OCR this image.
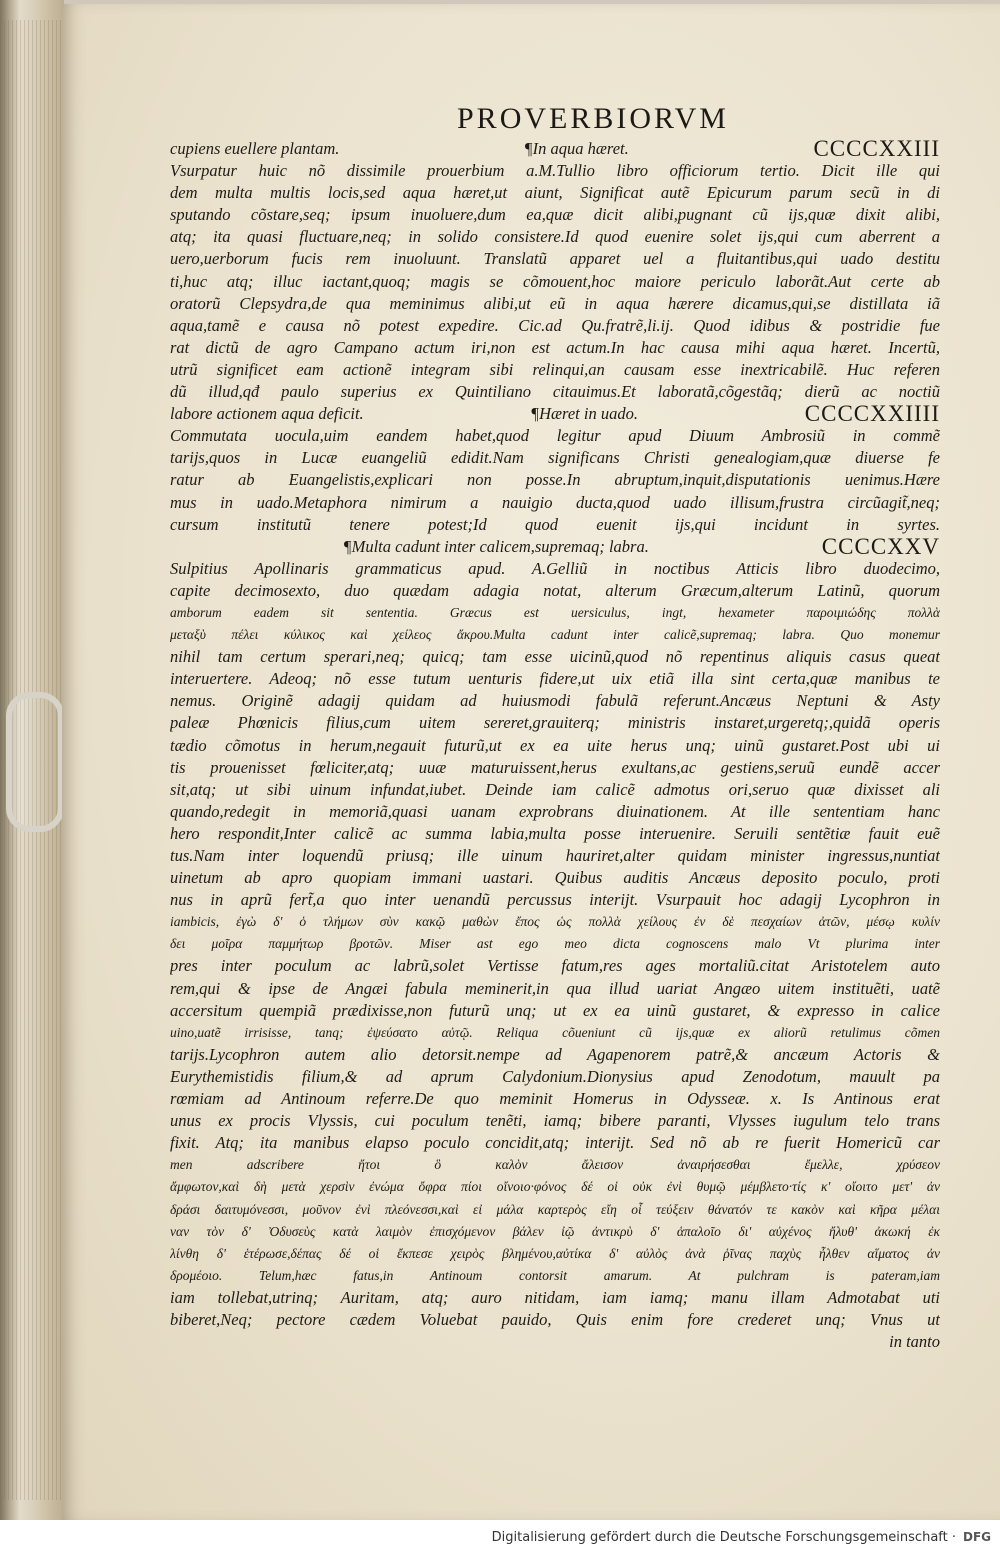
PROVERBIORVM
cupiens euellere plantam.	¶In aqua hæret.	CCCCXXIII
Vsurpatur huic nõ dissimile prouerbium a.M.Tullio libro officiorum tertio. Dicit ille qui
dem multa multis locis,sed aqua hæret,ut aiunt, Significat autẽ Epicurum parum secũ in di
sputando cõstare,seq; ipsum inuoluere,dum ea,quæ dicit alibi,pugnant cũ ijs,quæ dixit alibi,
atq; ita quasi fluctuare,neq; in solido consistere.Id quod euenire solet ijs,qui cum aberrent a
uero,uerborum fucis rem inuoluunt. Translatũ apparet uel a fluitantibus,qui uado destitu
ti,huc atq; illuc iactant,quoq; magis se cõmouent,hoc maiore periculo laborãt.Aut certe ab
oratorũ Clepsydra,de qua meminimus alibi,ut eũ in aqua hærere dicamus,qui,se distillata iã
aqua,tamẽ e causa nõ potest expedire. Cic.ad Qu.fratrẽ,li.ij. Quod idibus & postridie fue
rat dictũ de agro Campano actum iri,non est actum.In hac causa mihi aqua hæret. Incertũ,
utrũ significet eam actionẽ integram sibi relinqui,an causam esse inextricabilẽ. Huc referen
dũ illud,qđ paulo superius ex Quintiliano citauimus.Et laboratã,cõgestãq; dierũ ac noctiũ
labore actionem aqua deficit.	¶Hæret in uado.	CCCCXXIIII
Commutata uocula,uim eandem habet,quod legitur apud Diuum Ambrosiũ in commẽ
tarijs,quos in Lucæ euangeliũ edidit.Nam significans Christi genealogiam,quæ diuerse fe
ratur ab Euangelistis,explicari non posse.In abruptum,inquit,disputationis uenimus.Hære
mus in uado.Metaphora nimirum a nauigio ducta,quod uado illisum,frustra circũagit̃,neq;
cursum institutũ tenere potest;Id quod euenit ijs,qui incidunt in syrtes.
¶Multa cadunt inter calicem,supremaq; labra.	CCCCXXV
Sulpitius Apollinaris grammaticus apud. A.Gelliũ in noctibus Atticis libro duodecimo,
capite decimosexto, duo quædam adagia notat, alterum Græcum,alterum Latinũ, quorum
amborum eadem sit sententia. Græcus est uersiculus, ingt, hexameter παροιμιώδης πολλὰ
μεταξὺ πέλει κύλικος καὶ χείλεος ἄκρου.Multa cadunt inter calicẽ,supremaq; labra. Quo monemur
nihil tam certum sperari,neq; quicq; tam esse uicinũ,quod nõ repentinus aliquis casus queat
interuertere. Adeoq; nõ esse tutum uenturis fidere,ut uix etiã illa sint certa,quæ manibus te
nemus. Originẽ adagij quidam ad huiusmodi fabulã referunt.Ancæus Neptuni & Asty
paleæ Phœnicis filius,cum uitem sereret,grauiterq; ministris instaret,urgeretq;,quidã operis
tædio cõmotus in herum,negauit futurũ,ut ex ea uite herus unq; uinũ gustaret.Post ubi ui
tis prouenisset fœliciter,atq; uuæ maturuissent,herus exultans,ac gestiens,seruũ eundẽ accer
sit,atq; ut sibi uinum infundat,iubet. Deinde iam calicẽ admotus ori,seruo quæ dixisset ali
quando,redegit in memoriã,quasi uanam exprobrans diuinationem. At ille sententiam hanc
hero respondit,Inter calicẽ ac summa labia,multa posse interuenire. Seruili sentẽtiæ fauit euẽ
tus.Nam inter loquendũ priusq; ille uinum hauriret,alter quidam minister ingressus,nuntiat
uinetum ab apro quopiam immani uastari. Quibus auditis Ancæus deposito poculo, proti
nus in aprũ fert̃,a quo inter uenandũ percussus interijt. Vsurpauit hoc adagij Lycophron in
iambicis, ἐγὼ δ' ὁ τλήμων σὺν κακῷ μαθὼν ἔπος ὡς πολλὰ χείλους ἐν δὲ πεσχαίων ἀτῶν, μέσῳ κυλίν
δει μοῖρα παμμήτωρ βροτῶν. Miser ast ego meo dicta cognoscens malo Vt plurima inter
pres inter poculum ac labrũ,solet Vertisse fatum,res ages mortaliũ.citat Aristotelem auto
rem,qui & ipse de Angæi fabula meminerit,in qua illud uariat Angæo uitem instituẽti, uatẽ
accersitum quempiã prædixisse,non futurũ unq; ut ex ea uinũ gustaret, & expresso in calice
uino,uatẽ irrisisse, tanq; ἐψεύσατο αὐτῷ. Reliqua cõueniunt cũ ijs,quæ ex aliorũ retulimus cõmen
tarijs.Lycophron autem alio detorsit.nempe ad Agapenorem patrẽ,& ancæum Actoris &
Eurythemistidis filium,& ad aprum Calydonium.Dionysius apud Zenodotum, mauult pa
rœmiam ad Antinoum referre.De quo meminit Homerus in Odysseæ. x. Is Antinous erat
unus ex procis Vlyssis, cui poculum tenẽti, iamq; bibere paranti, Vlysses iugulum telo trans
fixit. Atq; ita manibus elapso poculo concidit,atq; interijt. Sed nõ ab re fuerit Homericũ car
men adscribere ἤτοι ὃ καλὸν ἄλεισον ἀναιρήσεσθαι ἔμελλε, χρύσεον
ἄμφωτον,καὶ δὴ μετὰ χερσὶν ἐνώμα ὄφρα πίοι οἴνοιο·φόνος δέ οἱ οὐκ ἐνὶ θυμῷ μέμβλετο·τίς κ' οἴοιτο μετ' ἀν
δράσι δαιτυμόνεσσι, μοῦνον ἐνὶ πλεόνεσσι,καὶ εἰ μάλα καρτερὸς εἴη οἷ τεύξειν θάνατόν τε κακὸν καὶ κῆρα μέλαι
ναν τὸν δ' Ὀδυσεὺς κατὰ λαιμὸν ἐπισχόμενον βάλεν ἰῷ ἀντικρὺ δ' ἁπαλοῖο δι' αὐχένος ἤλυθ' ἀκωκή ἐκ
λίνθη δ' ἑτέρωσε,δέπας δέ οἱ ἔκπεσε χειρὸς βλημένου,αὐτίκα δ' αὐλὸς ἀνὰ ῥῖνας παχὺς ἦλθεν αἵματος ἀν
δρομέοιο. Telum,hæc fatus,in Antinoum contorsit amarum. At pulchram is pateram,iam
iam tollebat,utrinq; Auritam, atq; auro nitidam, iam iamq; manu illam Admotabat uti
biberet,Neq; pectore cædem Voluebat pauido, Quis enim fore crederet unq; Vnus ut
in tanto
Digitalisierung gefördert durch die Deutsche Forschungsgemeinschaft · DFG
